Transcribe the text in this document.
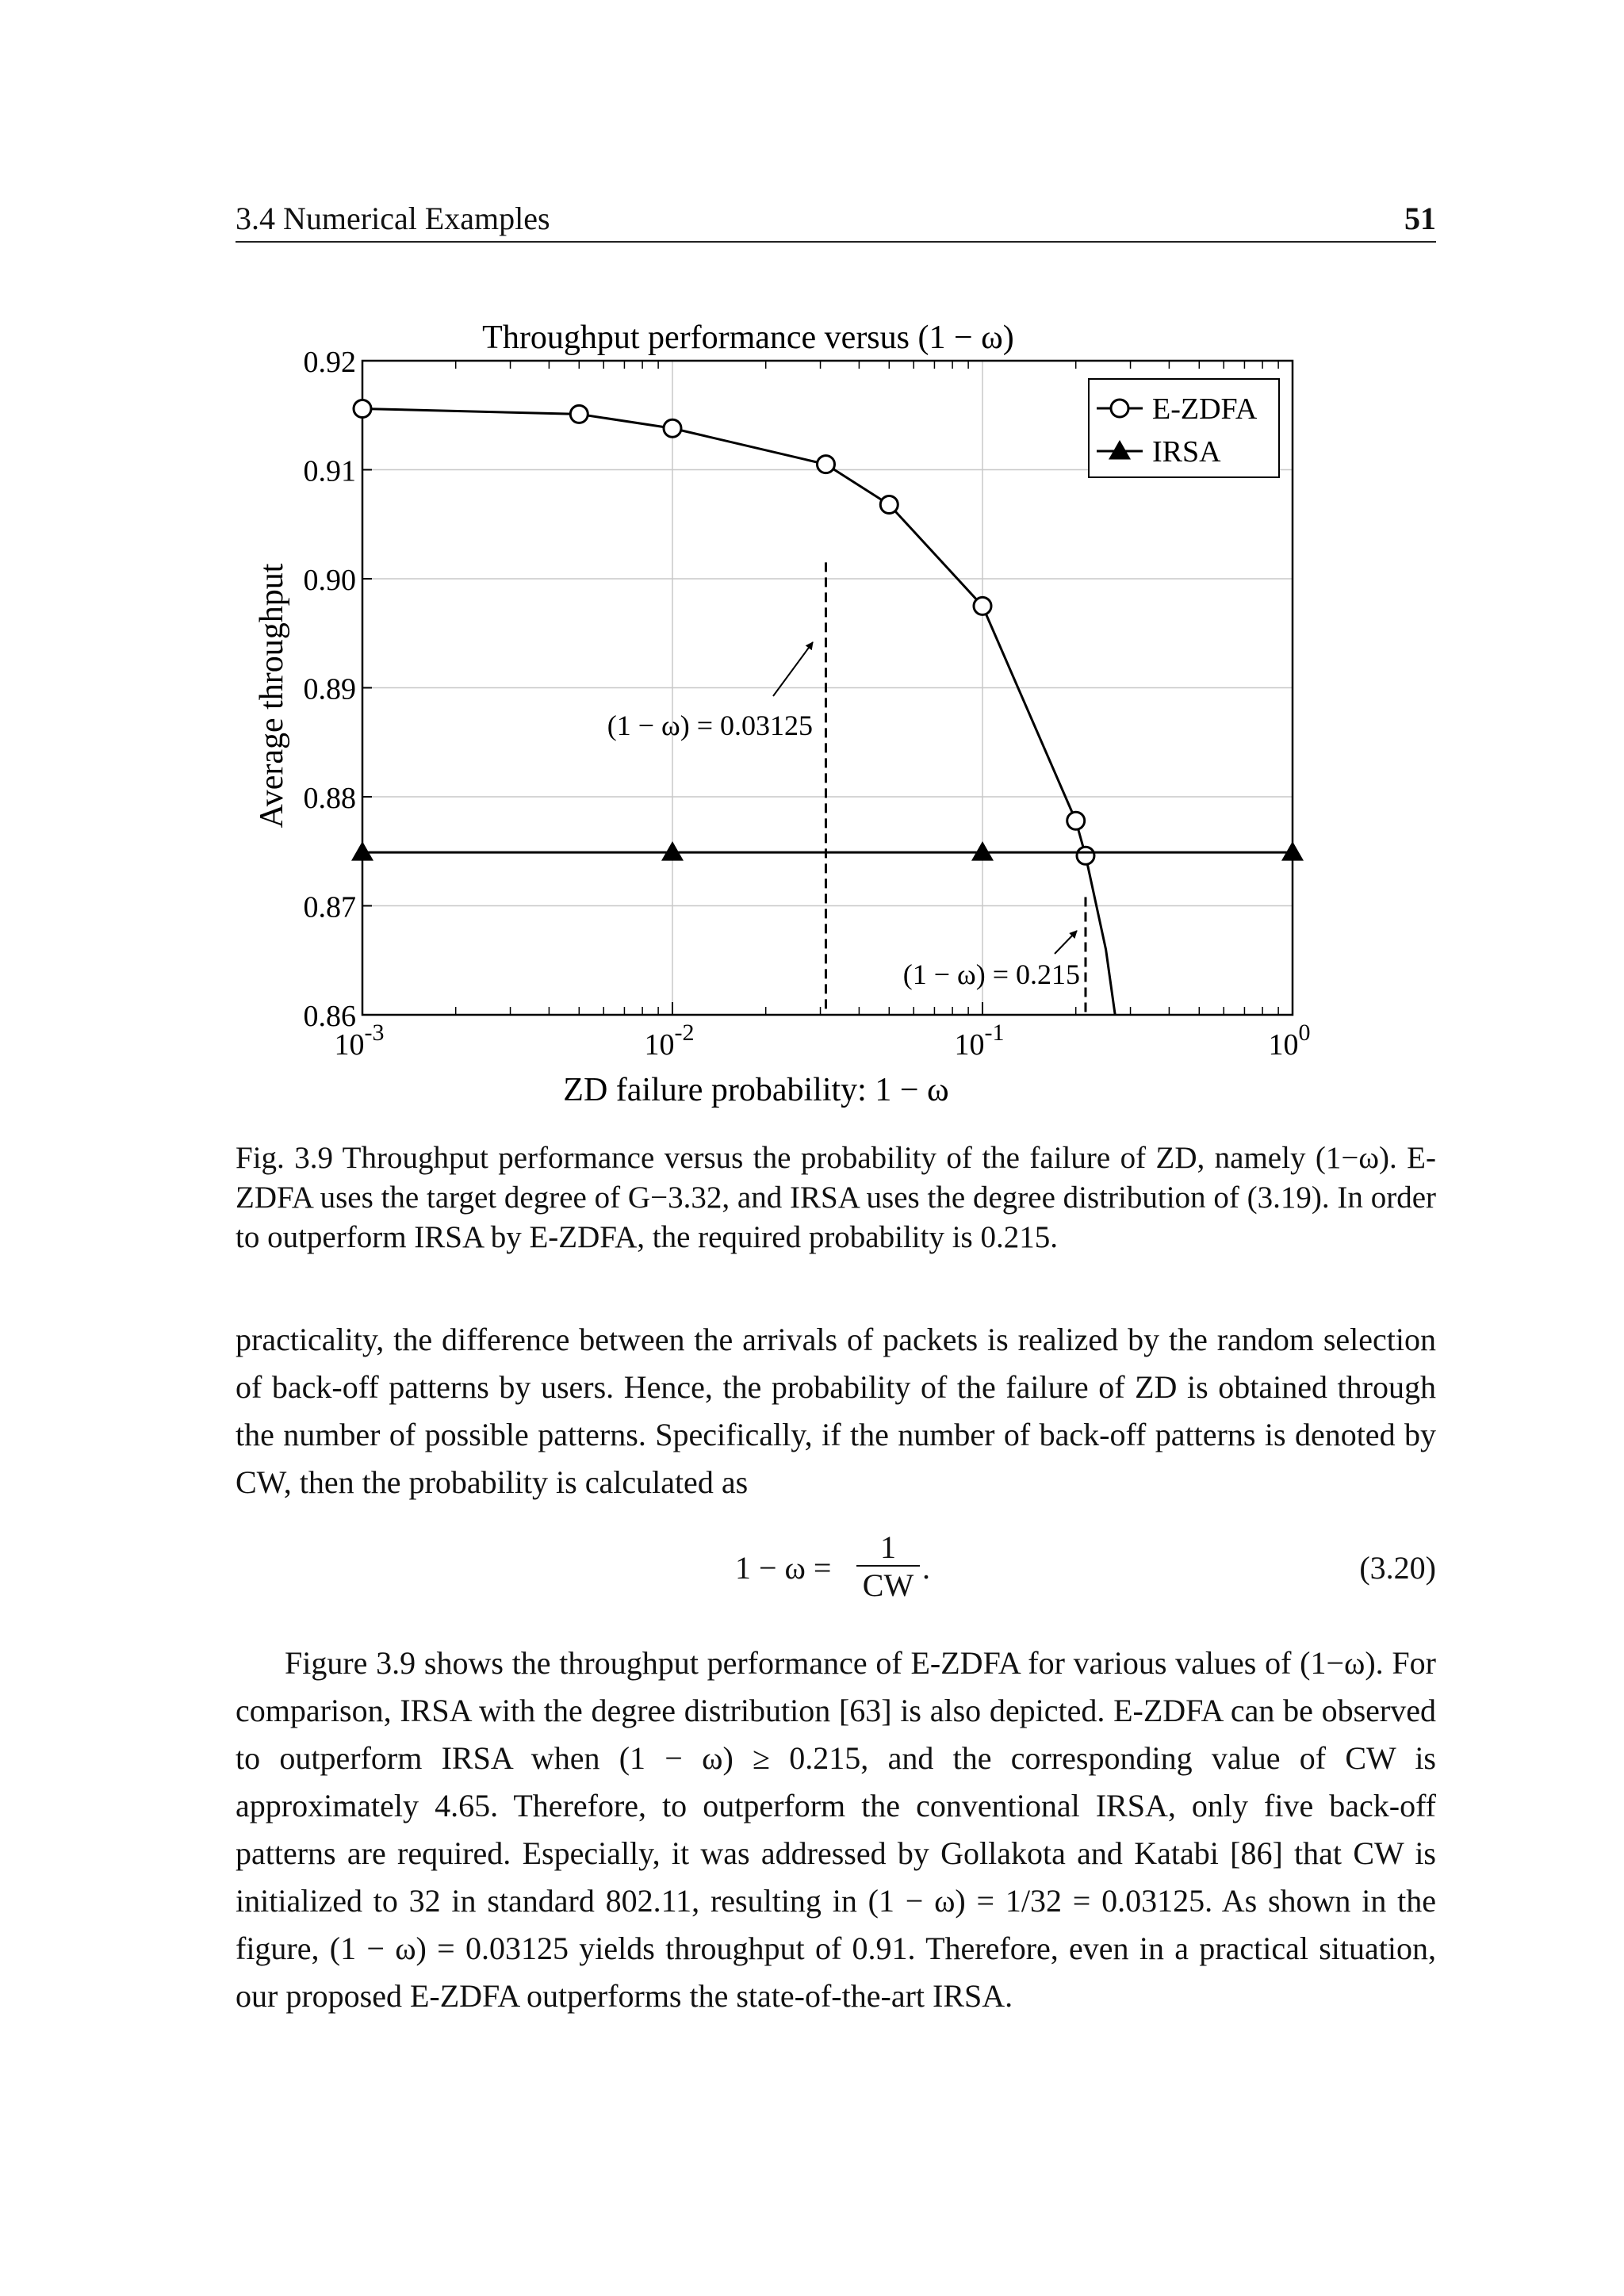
3.4 Numerical Examples	51
(1 − ω) = 0.03125
(1 − ω) = 0.215
0.86
0.87
0.88
0.89
0.90
0.91
0.92
$10^{-3}$	$10^{-2}$	$10^{-1}$	$10^0$
Throughput performance versus (1 − ω)
ZD failure probability: 1 − ω
Average throughput
E-ZDFA
IRSA
Fig. 3.9 Throughput performance versus the probability of the failure of ZD, namely (1−ω). E-ZDFA uses the target degree of G−3.32, and IRSA uses the degree distribution of (3.19). In order to outperform IRSA by E-ZDFA, the required probability is 0.215.
practicality, the difference between the arrivals of packets is realized by the random selection of back-off patterns by users. Hence, the probability of the failure of ZD is obtained through the number of possible patterns. Specifically, if the number of back-off patterns is denoted by CW, then the probability is calculated as
1 − ω =
1
CW .	(3.20)
Figure 3.9 shows the throughput performance of E-ZDFA for various values of (1−ω). For comparison, IRSA with the degree distribution [63] is also depicted. E-ZDFA can be observed to outperform IRSA when (1 − ω) ≥ 0.215, and the corresponding value of CW is approximately 4.65. Therefore, to outperform the conventional IRSA, only five back-off patterns are required. Especially, it was addressed by Gollakota and Katabi [86] that CW is initialized to 32 in standard 802.11, resulting in (1 − ω) = 1/32 = 0.03125. As shown in the figure, (1 − ω) = 0.03125 yields throughput of 0.91. Therefore, even in a practical situation, our proposed E-ZDFA outperforms the state-of-the-art IRSA.
